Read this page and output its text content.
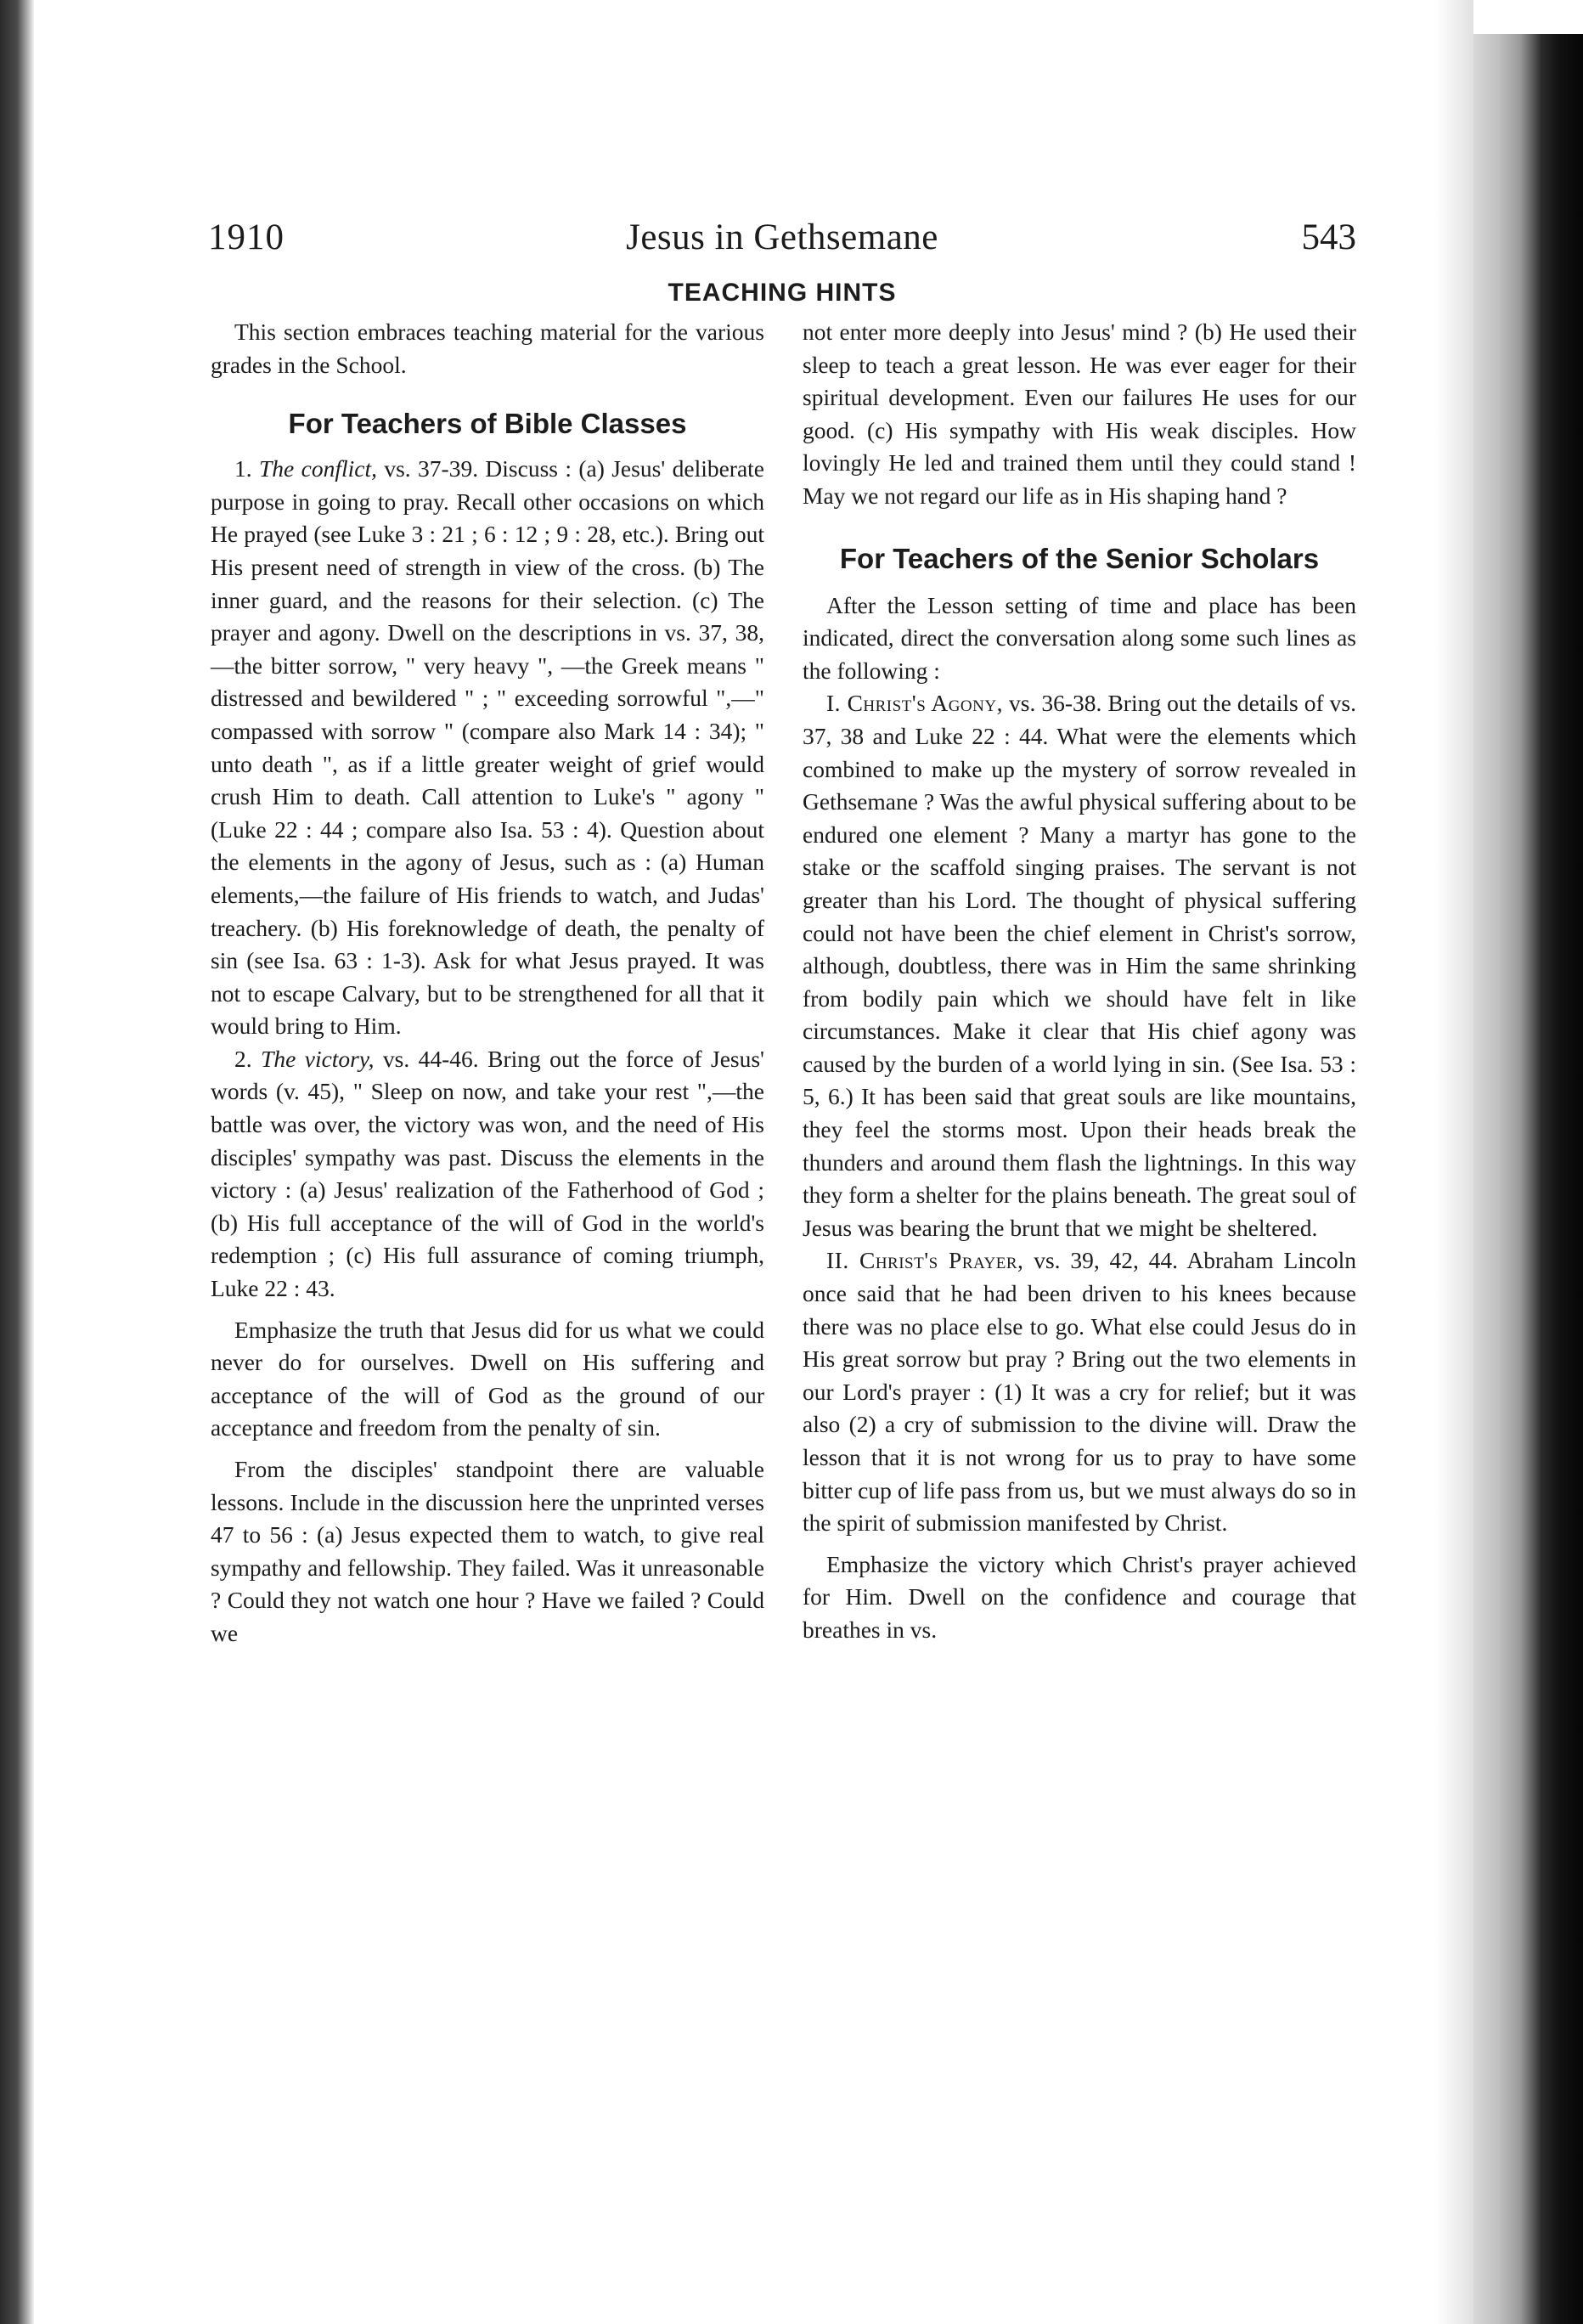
1910	Jesus in Gethsemane	543
TEACHING HINTS

This section embraces teaching material for the various grades in the School.

For Teachers of Bible Classes

1. The conflict, vs. 37-39. Discuss : (a) Jesus' deliberate purpose in going to pray. Recall other occasions on which He prayed (see Luke 3 : 21 ; 6 : 12 ; 9 : 28, etc.). Bring out His present need of strength in view of the cross. (b) The inner guard, and the reasons for their selection. (c) The prayer and agony. Dwell on the descriptions in vs. 37, 38,—the bitter sorrow, " very heavy ", —the Greek means " distressed and bewildered " ; " exceeding sorrowful ",—" compassed with sorrow " (compare also Mark 14 : 34); " unto death ", as if a little greater weight of grief would crush Him to death. Call attention to Luke's " agony " (Luke 22 : 44 ; compare also Isa. 53 : 4). Question about the elements in the agony of Jesus, such as : (a) Human elements,—the failure of His friends to watch, and Judas' treachery. (b) His foreknowledge of death, the penalty of sin (see Isa. 63 : 1-3). Ask for what Jesus prayed. It was not to escape Calvary, but to be strengthened for all that it would bring to Him.

2. The victory, vs. 44-46. Bring out the force of Jesus' words (v. 45), " Sleep on now, and take your rest ",—the battle was over, the victory was won, and the need of His disciples' sympathy was past. Discuss the elements in the victory : (a) Jesus' realization of the Fatherhood of God ; (b) His full acceptance of the will of God in the world's redemption ; (c) His full assurance of coming triumph, Luke 22 : 43.

Emphasize the truth that Jesus did for us what we could never do for ourselves. Dwell on His suffering and acceptance of the will of God as the ground of our acceptance and freedom from the penalty of sin.

From the disciples' standpoint there are valuable lessons. Include in the discussion here the unprinted verses 47 to 56 : (a) Jesus expected them to watch, to give real sympathy and fellowship. They failed. Was it unreasonable ? Could they not watch one hour ? Have we failed ? Could we

not enter more deeply into Jesus' mind ? (b) He used their sleep to teach a great lesson. He was ever eager for their spiritual development. Even our failures He uses for our good. (c) His sympathy with His weak disciples. How lovingly He led and trained them until they could stand ! May we not regard our life as in His shaping hand ?

For Teachers of the Senior Scholars

After the Lesson setting of time and place has been indicated, direct the conversation along some such lines as the following :

I. Christ's Agony, vs. 36-38. Bring out the details of vs. 37, 38 and Luke 22 : 44. What were the elements which combined to make up the mystery of sorrow revealed in Gethsemane ? Was the awful physical suffering about to be endured one element ? Many a martyr has gone to the stake or the scaffold singing praises. The servant is not greater than his Lord. The thought of physical suffering could not have been the chief element in Christ's sorrow, although, doubtless, there was in Him the same shrinking from bodily pain which we should have felt in like circumstances. Make it clear that His chief agony was caused by the burden of a world lying in sin. (See Isa. 53 : 5, 6.) It has been said that great souls are like mountains, they feel the storms most. Upon their heads break the thunders and around them flash the lightnings. In this way they form a shelter for the plains beneath. The great soul of Jesus was bearing the brunt that we might be sheltered.

II. Christ's Prayer, vs. 39, 42, 44. Abraham Lincoln once said that he had been driven to his knees because there was no place else to go. What else could Jesus do in His great sorrow but pray ? Bring out the two elements in our Lord's prayer : (1) It was a cry for relief; but it was also (2) a cry of submission to the divine will. Draw the lesson that it is not wrong for us to pray to have some bitter cup of life pass from us, but we must always do so in the spirit of submission manifested by Christ.

Emphasize the victory which Christ's prayer achieved for Him. Dwell on the confidence and courage that breathes in vs.
